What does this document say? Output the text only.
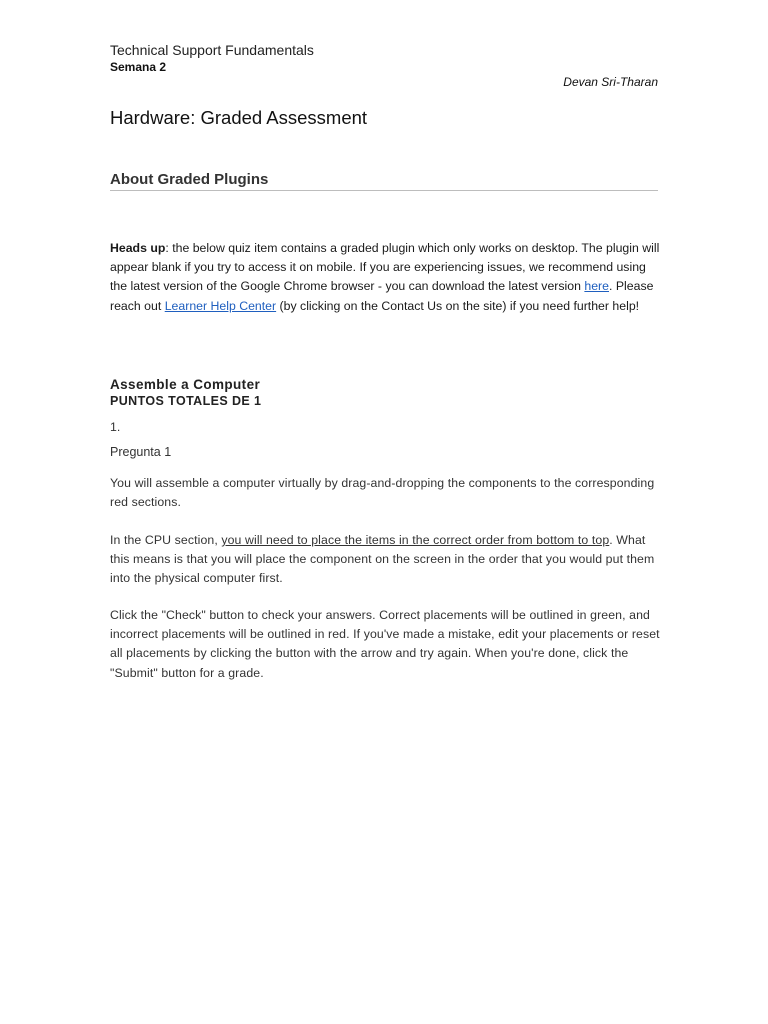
Technical Support Fundamentals
Semana 2
Devan Sri-Tharan
Hardware: Graded Assessment
About Graded Plugins
Heads up: the below quiz item contains a graded plugin which only works on desktop. The plugin will appear blank if you try to access it on mobile. If you are experiencing issues, we recommend using the latest version of the Google Chrome browser - you can download the latest version here. Please reach out Learner Help Center (by clicking on the Contact Us on the site) if you need further help!
Assemble a Computer
PUNTOS TOTALES DE 1
1.
Pregunta 1
You will assemble a computer virtually by drag-and-dropping the components to the corresponding red sections.
In the CPU section, you will need to place the items in the correct order from bottom to top. What this means is that you will place the component on the screen in the order that you would put them into the physical computer first.
Click the "Check" button to check your answers. Correct placements will be outlined in green, and incorrect placements will be outlined in red. If you've made a mistake, edit your placements or reset all placements by clicking the button with the arrow and try again. When you're done, click the "Submit" button for a grade.
